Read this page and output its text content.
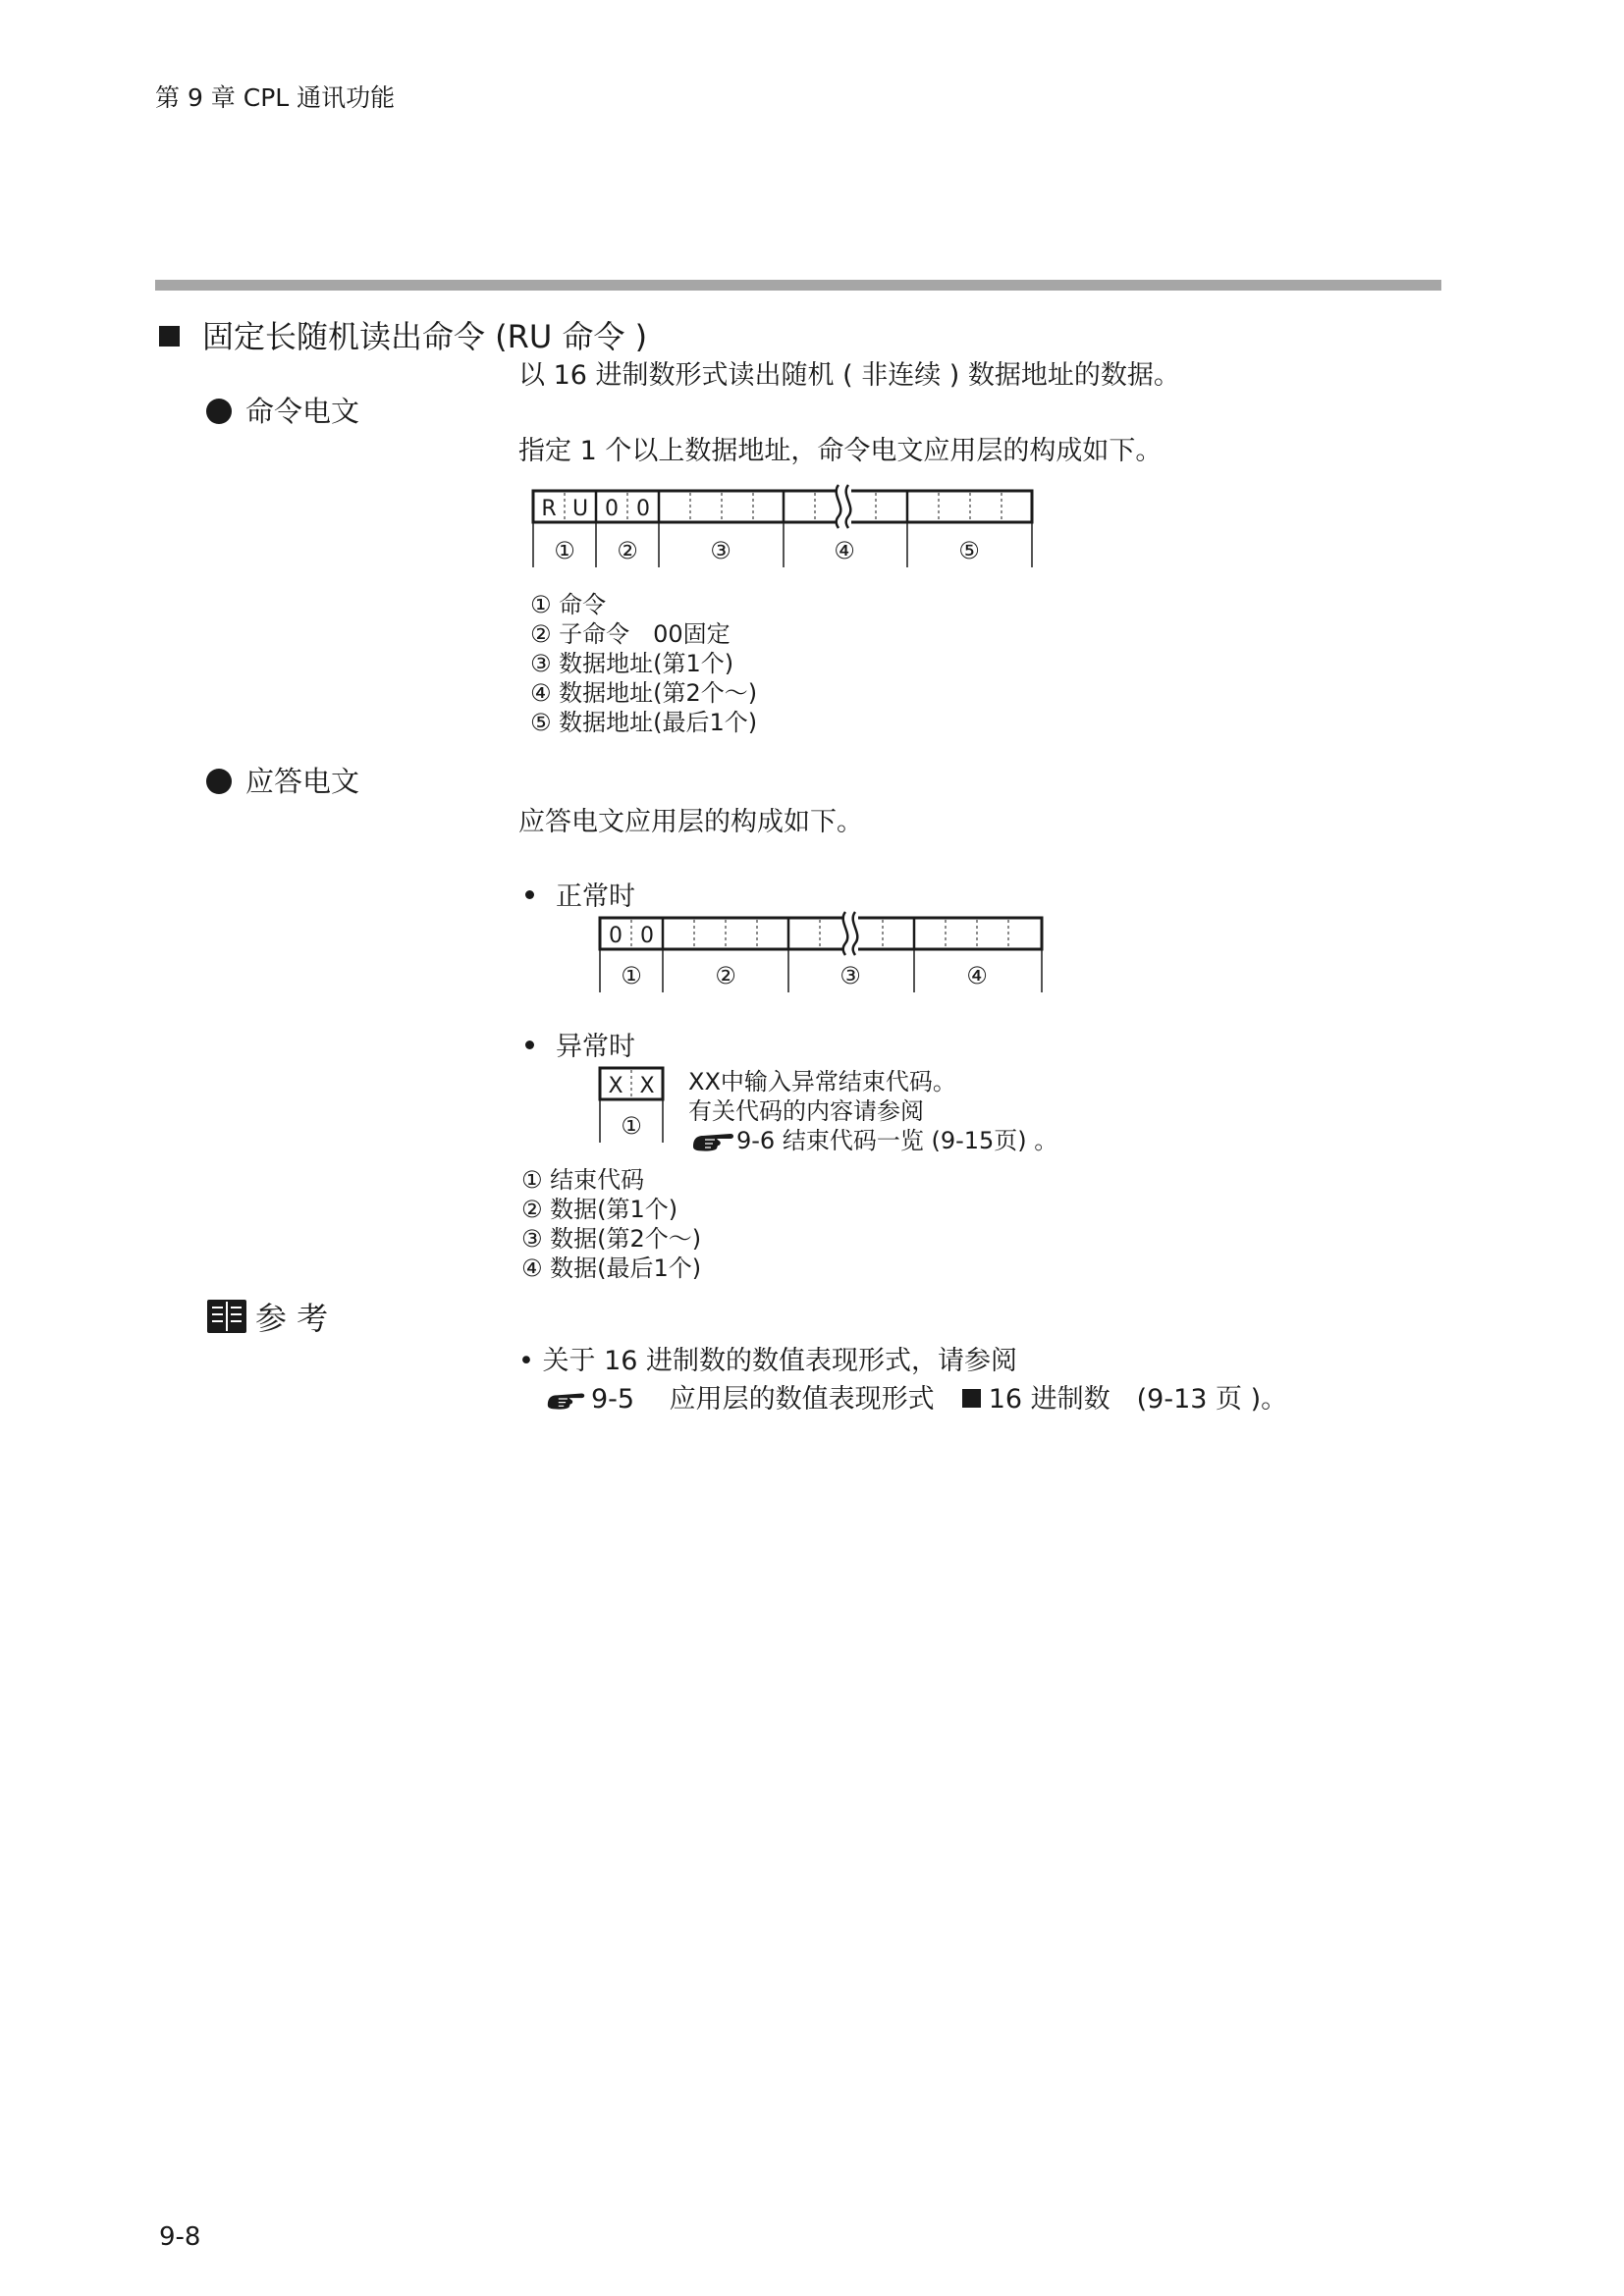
第 9 章 CPL 通讯功能
固定长随机读出命令 (RU 命令 )
以 16 进制数形式读出随机 ( 非连续 ) 数据地址的数据。
命令电文
指定 1 个以上数据地址，命令电文应用层的构成如下。
R U 0 0
① ②	③	④	⑤
① 命令
② 子命令　00固定
③ 数据地址(第1个)
④ 数据地址(第2个～)
⑤ 数据地址(最后1个)
应答电文
应答电文应用层的构成如下。
正常时
0 0
①	②	③	④
异常时
X X
①
XX中输入异常结束代码。
有关代码的内容请参阅
9-6 结束代码一览 (9-15页) 。
① 结束代码
② 数据(第1个)
③ 数据(第2个～)
④ 数据(最后1个)
参 考
• 关于 16 进制数的数值表现形式，请参阅
9-5　 应用层的数值表现形式 16 进制数　(9-13 页 )。
9-8
